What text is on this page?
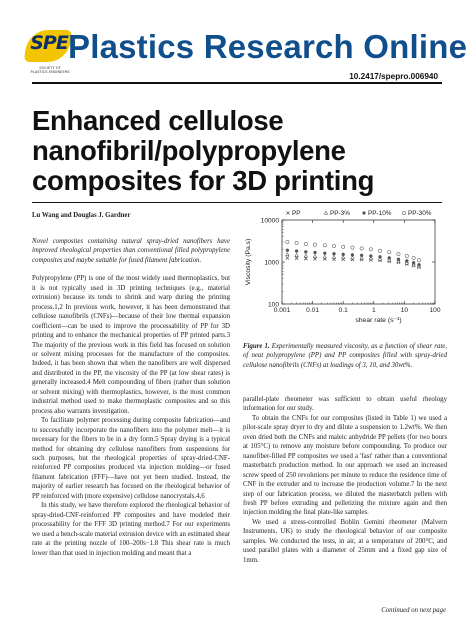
SPE
SOCIETY OF
PLASTICS ENGINEERS
Plastics Research Online
10.2417/spepro.006940
Enhanced cellulose
nanofibril/polypropylene
composites for 3D printing
Lu Wang and Douglas J. Gardner

Novel composites containing natural spray-dried nanofibers have improved rheological properties than conventional filled polypropylene composites and maybe suitable for fused filament fabrication.

Polypropylene (PP) is one of the most widely used thermoplastics, but it is not typically used in 3D printing techniques (e.g., material extrusion) because its tends to shrink and warp during the printing process.1,2 In previous work, however, it has been demonstrated that cellulose nanofibrils (CNFs)—because of their low thermal expansion coefficient—can be used to improve the processability of PP for 3D printing and to enhance the mechanical properties of PP printed parts.3 The majority of the previous work in this field has focused on solution or solvent mixing processes for the manufacture of the composites. Indeed, it has been shown that when the nanofibers are well dispersed and distributed in the PP, the viscosity of the PP (at low shear rates) is generally increased.4 Melt compounding of fibers (rather than solution or solvent mixing) with thermoplastics, however, is the most common industrial method used to make thermoplastic composites and so this process also warrants investigation.

To facilitate polymer processing during composite fabrication—and to successfully incorporate the nanofibers into the polymer melt—it is necessary for the fibers to be in a dry form.5 Spray drying is a typical method for obtaining dry cellulose nanofibers from suspensions for such purposes, but the rheological properties of spray-dried-CNF-reinforced PP composites produced via injection molding—or fused filament fabrication (FFF)—have not yet been studied. Instead, the majority of earlier research has focused on the rheological behavior of PP reinforced with (more expensive) cellulose nanocrystals.4,6

In this study, we have therefore explored the rheological behavior of spray-dried-CNF-reinforced PP composites and have modeled their processability for the FFF 3D printing method.7 For our experiments we used a bench-scale material extrusion device with an estimated shear rate at the printing nozzle of 100–200s−1.8 This shear rate is much lower than that used in injection molding and meant that a

0.001 0.01	0.1	1	10	100
100
1000
10000
shear rate (s⁻¹)
Viscosity (Pa.s)
PP	PP-3%	PP-10%	PP-30%

Figure 1. Experimentally measured viscosity, as a function of shear rate, of neat polypropylene (PP) and PP composites filled with spray-dried cellulose nanofibrils (CNFs) at loadings of 3, 10, and 30wt%.

parallel-plate rheometer was sufficient to obtain useful rheology information for our study.

To obtain the CNFs for our composites (listed in Table 1) we used a pilot-scale spray dryer to dry and dilute a suspension to 1.2wt%. We then oven dried both the CNFs and maleic anhydride PP pellets (for two hours at 105°C) to remove any moisture before compounding. To produce our nanofiber-filled PP composites we used a 'fast' rather than a conventional masterbatch production method. In our approach we used an increased screw speed of 250 revolutions per minute to reduce the residence time of CNF in the extruder and to increase the production volume.7 In the next step of our fabrication process, we diluted the masterbatch pellets with fresh PP before extruding and pelletizing the mixture again and then injection molding the final plate-like samples.

We used a stress-controlled Bohlin Gemini rheometer (Malvern Instruments, UK) to study the rheological behavior of our composite samples. We conducted the tests, in air, at a temperature of 200°C, and used parallel plates with a diameter of 25mm and a fixed gap size of 1mm.

Continued on next page
